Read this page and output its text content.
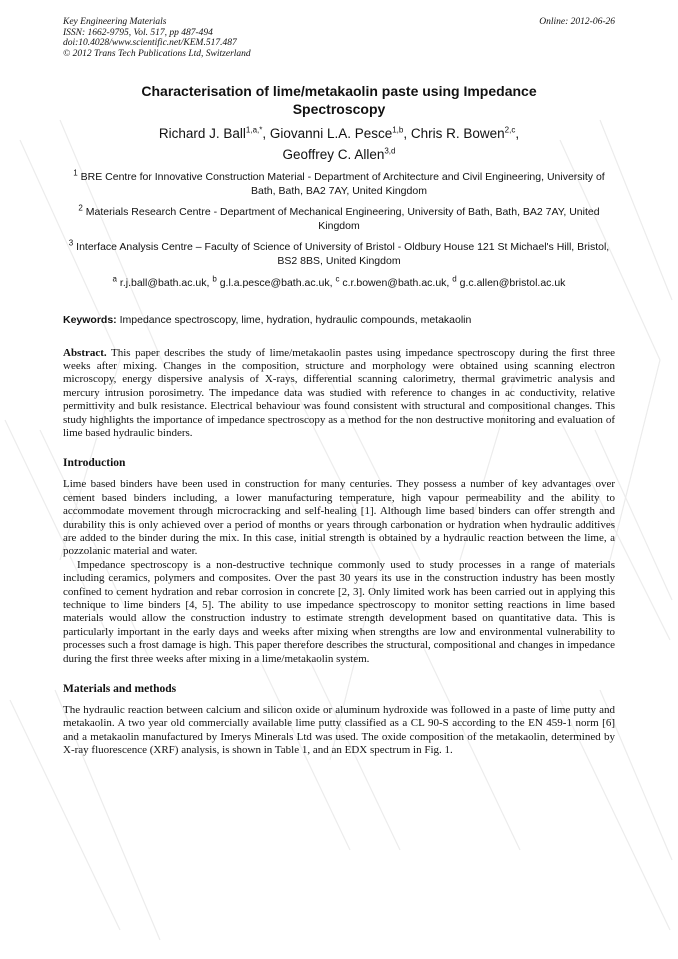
Key Engineering Materials
ISSN: 1662-9795, Vol. 517, pp 487-494
doi:10.4028/www.scientific.net/KEM.517.487
© 2012 Trans Tech Publications Ltd, Switzerland
Online: 2012-06-26
Characterisation of lime/metakaolin paste using Impedance Spectroscopy
Richard J. Ball$^{1,a,*}$, Giovanni L.A. Pesce$^{1,b}$, Chris R. Bowen$^{2,c}$,
Geoffrey C. Allen$^{3,d}$
$^1$ BRE Centre for Innovative Construction Material - Department of Architecture and Civil Engineering, University of Bath, Bath, BA2 7AY, United Kingdom
$^2$ Materials Research Centre - Department of Mechanical Engineering, University of Bath, Bath, BA2 7AY, United Kingdom
$^3$ Interface Analysis Centre – Faculty of Science of University of Bristol - Oldbury House 121 St Michael's Hill, Bristol, BS2 8BS, United Kingdom
$^a$ r.j.ball@bath.ac.uk, $^b$ g.l.a.pesce@bath.ac.uk, $^c$ c.r.bowen@bath.ac.uk, $^d$ g.c.allen@bristol.ac.uk
Keywords: Impedance spectroscopy, lime, hydration, hydraulic compounds, metakaolin
Abstract. This paper describes the study of lime/metakaolin pastes using impedance spectroscopy during the first three weeks after mixing. Changes in the composition, structure and morphology were obtained using scanning electron microscopy, energy dispersive analysis of X-rays, differential scanning calorimetry, thermal gravimetric analysis and mercury intrusion porosimetry. The impedance data was studied with reference to changes in ac conductivity, relative permittivity and bulk resistance. Electrical behaviour was found consistent with structural and compositional changes. This study highlights the importance of impedance spectroscopy as a method for the non destructive monitoring and evaluation of lime based hydraulic binders.
Introduction

Lime based binders have been used in construction for many centuries. They possess a number of key advantages over cement based binders including, a lower manufacturing temperature, high vapour permeability and the ability to accommodate movement through microcracking and self-healing [1]. Although lime based binders can offer strength and durability this is only achieved over a period of months or years through carbonation or hydration when hydraulic additives are added to the binder during the mix. In this case, initial strength is obtained by a hydraulic reaction between the lime, a pozzolanic material and water.

Impedance spectroscopy is a non-destructive technique commonly used to study processes in a range of materials including ceramics, polymers and composites. Over the past 30 years its use in the construction industry has been mostly confined to cement hydration and rebar corrosion in concrete [2, 3]. Only limited work has been carried out in applying this technique to lime binders [4, 5]. The ability to use impedance spectroscopy to monitor setting reactions in lime based materials would allow the construction industry to estimate strength development based on quantitative data. This is particularly important in the early days and weeks after mixing when strengths are low and environmental vulnerability to processes such a frost damage is high. This paper therefore describes the structural, compositional and changes in impedance during the first three weeks after mixing in a lime/metakaolin system.

Materials and methods

The hydraulic reaction between calcium and silicon oxide or aluminum hydroxide was followed in a paste of lime putty and metakaolin. A two year old commercially available lime putty classified as a CL 90-S according to the EN 459-1 norm [6] and a metakaolin manufactured by Imerys Minerals Ltd was used. The oxide composition of the metakaolin, determined by X-ray fluorescence (XRF) analysis, is shown in Table 1, and an EDX spectrum in Fig. 1.
